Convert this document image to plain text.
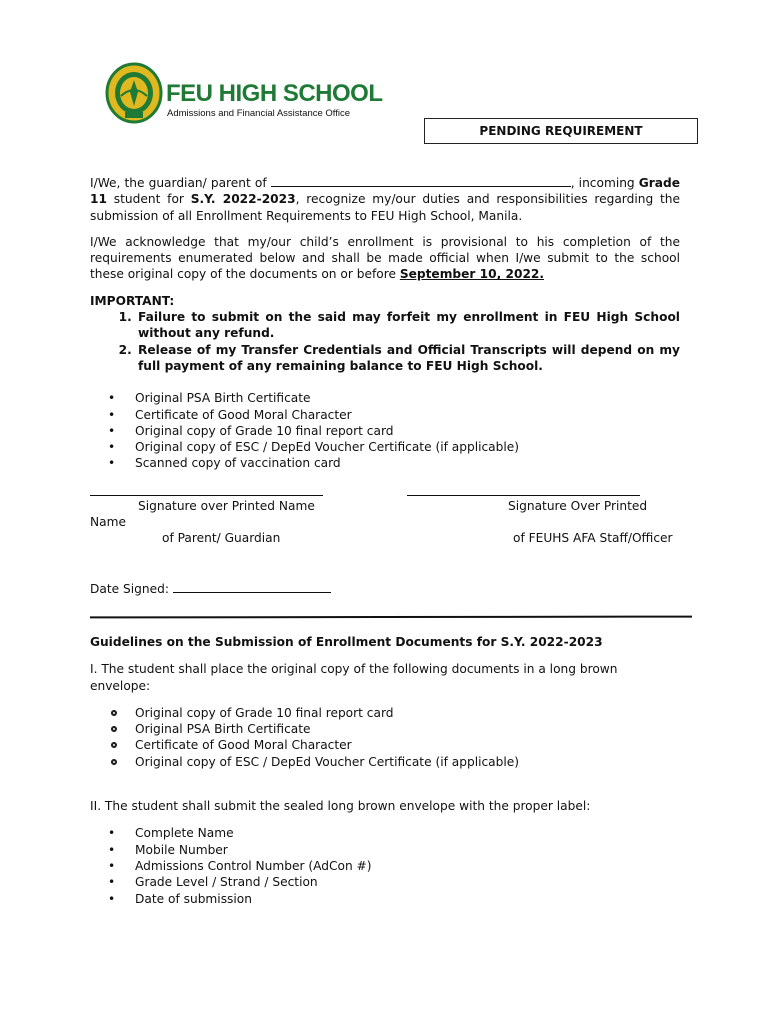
FEU HIGH SCHOOL
Admissions and Financial Assistance Office
PENDING REQUIREMENT

I/We, the guardian/ parent of	, incoming Grade 11 student for S.Y. 2022-2023, recognize my/our duties and responsibilities regarding the submission of all Enrollment Requirements to FEU High School, Manila.

I/We acknowledge that my/our child’s enrollment is provisional to his completion of the requirements enumerated below and shall be made official when I/we submit to the school these original copy of the documents on or before September 10, 2022.

IMPORTANT:

1. Failure to submit on the said may forfeit my enrollment in FEU High School without any refund.
2. Release of my Transfer Credentials and Official Transcripts will depend on my full payment of any remaining balance to FEU High School.
• Original PSA Birth Certificate
• Certificate of Good Moral Character
• Original copy of Grade 10 final report card
• Original copy of ESC / DepEd Voucher Certificate (if applicable)
• Scanned copy of vaccination card
Signature over Printed Name
Name
of Parent/ Guardian
Signature Over Printed
of FEUHS AFA Staff/Officer
Date Signed:

Guidelines on the Submission of Enrollment Documents for S.Y. 2022-2023

I. The student shall place the original copy of the following documents in a long brown envelope:

Original copy of Grade 10 final report card
Original PSA Birth Certificate
Certificate of Good Moral Character
Original copy of ESC / DepEd Voucher Certificate (if applicable)

II. The student shall submit the sealed long brown envelope with the proper label:

• Complete Name
• Mobile Number
• Admissions Control Number (AdCon #)
• Grade Level / Strand / Section
• Date of submission
